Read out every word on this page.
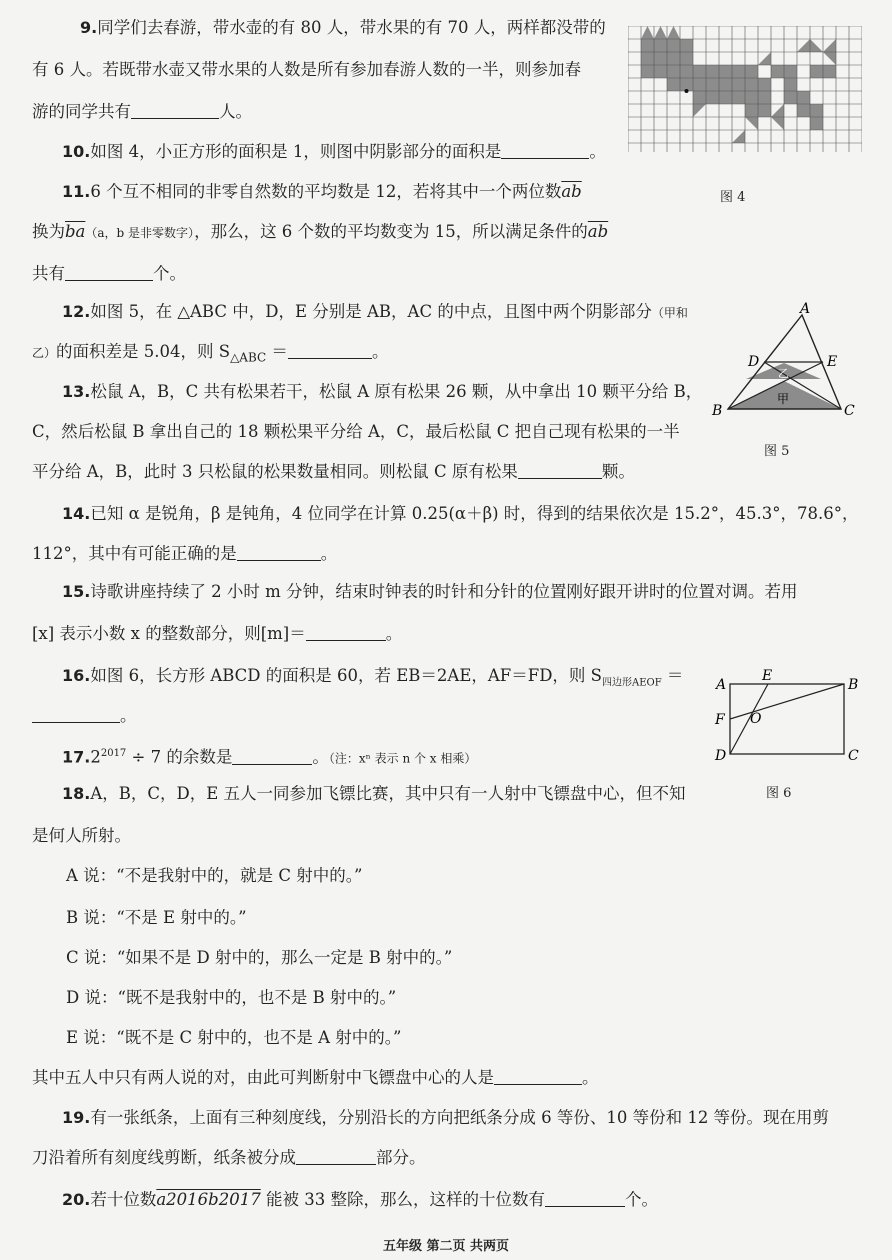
9.同学们去春游，带水壶的有 80 人，带水果的有 70 人，两样都没带的
有 6 人。若既带水壶又带水果的人数是所有参加春游人数的一半，则参加春
游的同学共有	人。
10.如图 4，小正方形的面积是 1，则图中阴影部分的面积是	。
图 4
11.6 个互不相同的非零自然数的平均数是 12，若将其中一个两位数$\overline{ab}$
换为$\overline{ba}(a$，b 是非零数字），那么，这 6 个数的平均数变为 15，所以满足条件的$\overline{ab}$
共有	个。
12.如图 5，在 △ABC 中，D，E 分别是 AB，AC 的中点，且图中两个阴影部分（甲和
乙）的面积差是 5.04，则 $S_{\triangle ABC}$ ＝	。
A
B	C
D	E
乙
甲
图 5
13.松鼠 A，B，C 共有松果若干，松鼠 A 原有松果 26 颗，从中拿出 10 颗平分给 B，
C，然后松鼠 B 拿出自己的 18 颗松果平分给 A，C，最后松鼠 C 把自己现有松果的一半
平分给 A，B，此时 3 只松鼠的松果数量相同。则松鼠 C 原有松果	颗。
14.已知 α 是锐角，β 是钝角，4 位同学在计算 0.25(α＋β) 时，得到的结果依次是 15.2°，45.3°，78.6°，
112°，其中有可能正确的是	。
15.诗歌讲座持续了 2 小时 m 分钟，结束时钟表的时针和分针的位置刚好跟开讲时的位置对调。若用
[x] 表示小数 x 的整数部分，则[m]＝	。
16.如图 6，长方形 ABCD 的面积是 60，若 EB＝2AE，AF＝FD，则 $S_{四边形AEOF}$ ＝
。
A
E
B
F O
D	C
图 6
$17.2^{2017} \div 7$ 的余数是	。（注：xⁿ 表示 n 个 x 相乘）
18.A，B，C，D，E 五人一同参加飞镖比赛，其中只有一人射中飞镖盘中心，但不知
是何人所射。
A 说：“不是我射中的，就是 C 射中的。”
B 说：“不是 E 射中的。”
C 说：“如果不是 D 射中的，那么一定是 B 射中的。”
D 说：“既不是我射中的，也不是 B 射中的。”
E 说：“既不是 C 射中的，也不是 A 射中的。”
其中五人中只有两人说的对，由此可判断射中飞镖盘中心的人是	。
19.有一张纸条，上面有三种刻度线，分别沿长的方向把纸条分成 6 等份、10 等份和 12 等份。现在用剪
刀沿着所有刻度线剪断，纸条被分成	部分。
20.若十位数a2016b2017 能被 33 整除，那么，这样的十位数有	个。
五年级 第二页 共两页
